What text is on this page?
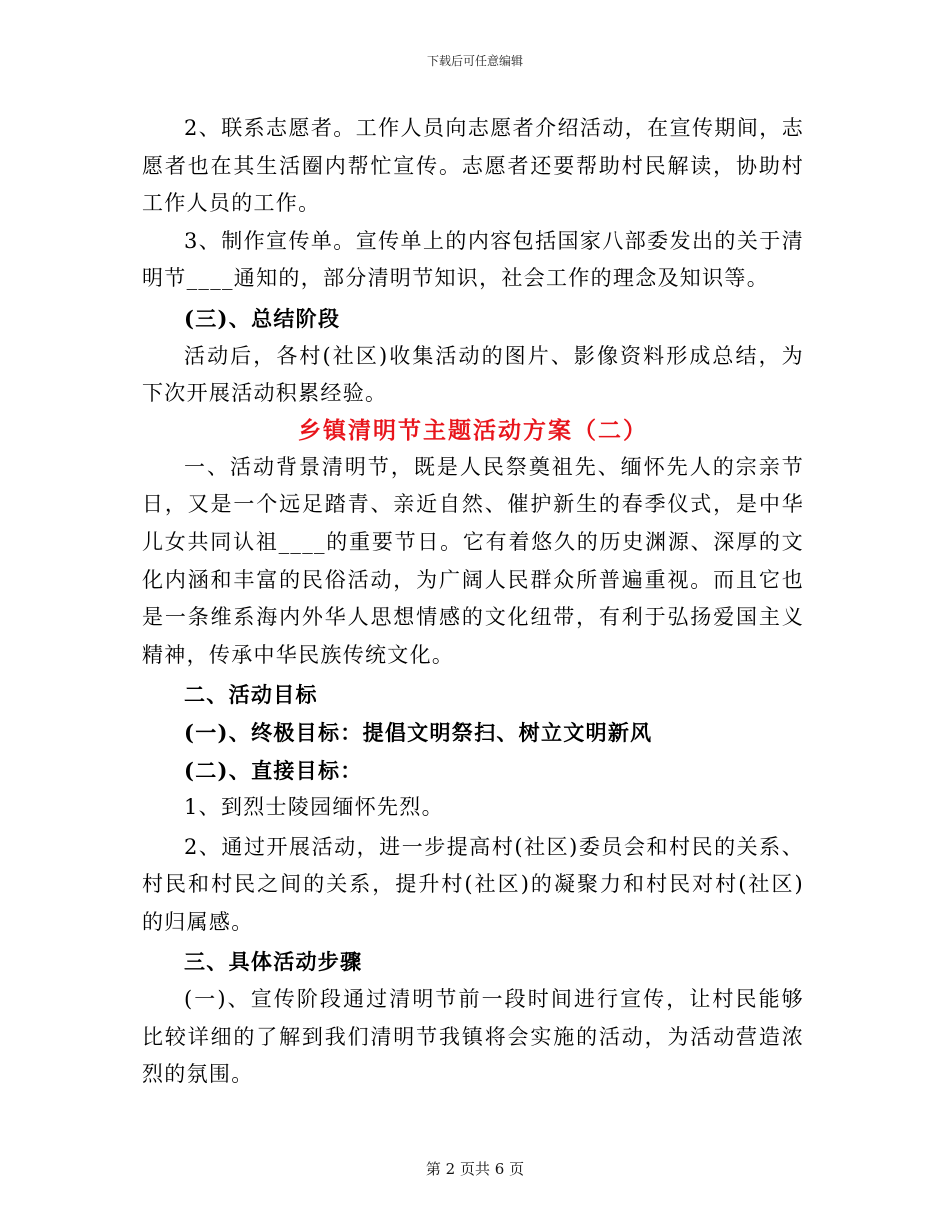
下载后可任意编辑

2、联系志愿者。工作人员向志愿者介绍活动，在宣传期间，志愿者也在其生活圈内帮忙宣传。志愿者还要帮助村民解读，协助村工作人员的工作。

3、制作宣传单。宣传单上的内容包括国家八部委发出的关于清明节____通知的，部分清明节知识，社会工作的理念及知识等。

(三)、总结阶段

活动后，各村(社区)收集活动的图片、影像资料形成总结，为下次开展活动积累经验。

乡镇清明节主题活动方案（二）

一、活动背景清明节，既是人民祭奠祖先、缅怀先人的宗亲节日，又是一个远足踏青、亲近自然、催护新生的春季仪式，是中华儿女共同认祖____的重要节日。它有着悠久的历史渊源、深厚的文化内涵和丰富的民俗活动，为广阔人民群众所普遍重视。而且它也是一条维系海内外华人思想情感的文化纽带，有利于弘扬爱国主义精神，传承中华民族传统文化。

二、活动目标

(一)、终极目标：提倡文明祭扫、树立文明新风

(二)、直接目标：

1、到烈士陵园缅怀先烈。

2、通过开展活动，进一步提高村(社区)委员会和村民的关系、村民和村民之间的关系，提升村(社区)的凝聚力和村民对村(社区)的归属感。

三、具体活动步骤

(一)、宣传阶段通过清明节前一段时间进行宣传，让村民能够比较详细的了解到我们清明节我镇将会实施的活动，为活动营造浓烈的氛围。

第 2 页共 6 页
